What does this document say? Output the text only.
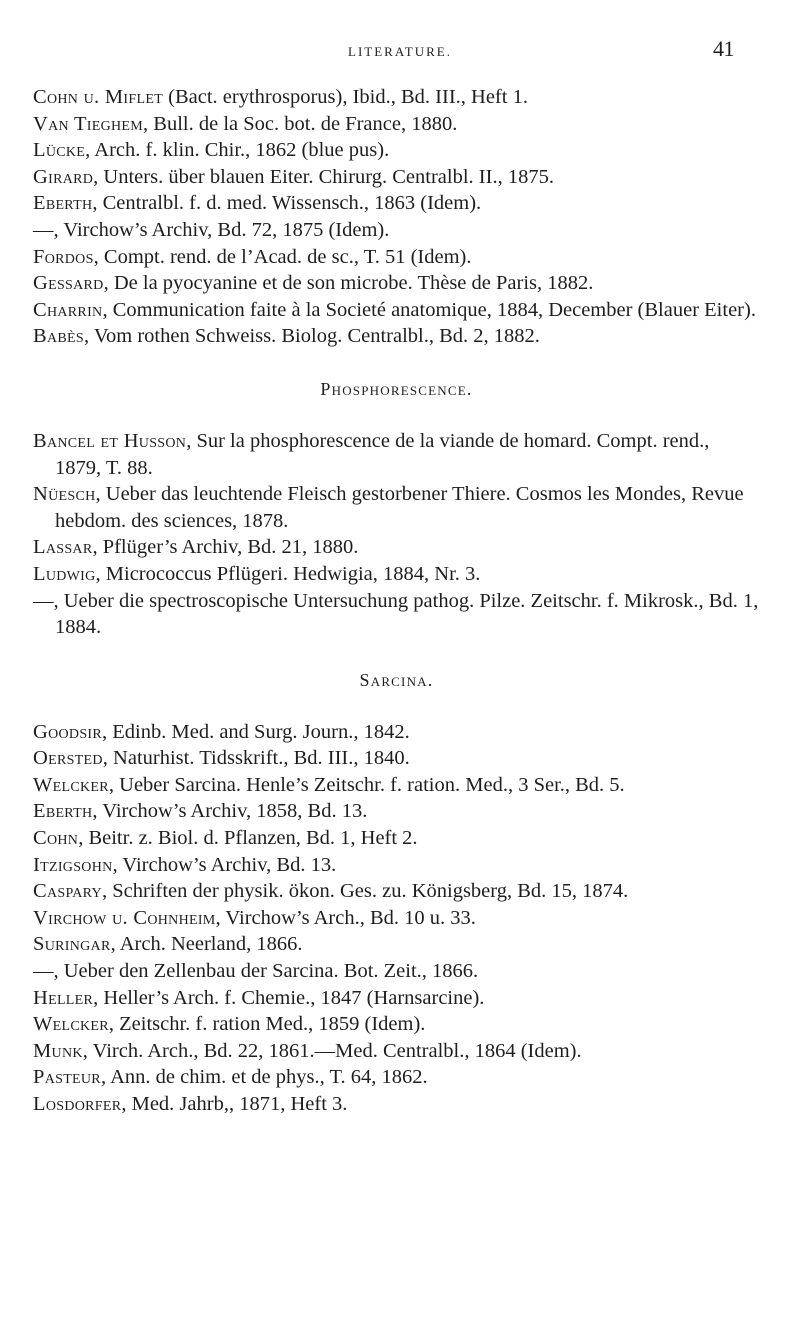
LITERATURE.	41
Cohn u. Miflet (Bact. erythrosporus), Ibid., Bd. III., Heft 1.
Van Tieghem, Bull. de la Soc. bot. de France, 1880.
Lücke, Arch. f. klin. Chir., 1862 (blue pus).
Girard, Unters. über blauen Eiter. Chirurg. Centralbl. II., 1875.
Eberth, Centralbl. f. d. med. Wissensch., 1863 (Idem).
—, Virchow’s Archiv, Bd. 72, 1875 (Idem).
Fordos, Compt. rend. de l’Acad. de sc., T. 51 (Idem).
Gessard, De la pyocyanine et de son microbe. Thèse de Paris, 1882.
Charrin, Communication faite à la Societé anatomique, 1884, December (Blauer Eiter).
Babès, Vom rothen Schweiss. Biolog. Centralbl., Bd. 2, 1882.
Phosphorescence.
Bancel et Husson, Sur la phosphorescence de la viande de homard. Compt. rend., 1879, T. 88.
Nüesch, Ueber das leuchtende Fleisch gestorbener Thiere. Cosmos les Mondes, Revue hebdom. des sciences, 1878.
Lassar, Pflüger’s Archiv, Bd. 21, 1880.
Ludwig, Micrococcus Pflügeri. Hedwigia, 1884, Nr. 3.
—, Ueber die spectroscopische Untersuchung pathog. Pilze. Zeitschr. f. Mikrosk., Bd. 1, 1884.
Sarcina.
Goodsir, Edinb. Med. and Surg. Journ., 1842.
Oersted, Naturhist. Tidsskrift., Bd. III., 1840.
Welcker, Ueber Sarcina. Henle’s Zeitschr. f. ration. Med., 3 Ser., Bd. 5.
Eberth, Virchow’s Archiv, 1858, Bd. 13.
Cohn, Beitr. z. Biol. d. Pflanzen, Bd. 1, Heft 2.
Itzigsohn, Virchow’s Archiv, Bd. 13.
Caspary, Schriften der physik. ökon. Ges. zu. Königsberg, Bd. 15, 1874.
Virchow u. Cohnheim, Virchow’s Arch., Bd. 10 u. 33.
Suringar, Arch. Neerland, 1866.
—, Ueber den Zellenbau der Sarcina. Bot. Zeit., 1866.
Heller, Heller’s Arch. f. Chemie., 1847 (Harnsarcine).
Welcker, Zeitschr. f. ration Med., 1859 (Idem).
Munk, Virch. Arch., Bd. 22, 1861.—Med. Centralbl., 1864 (Idem).
Pasteur, Ann. de chim. et de phys., T. 64, 1862.
Losdorfer, Med. Jahrb,, 1871, Heft 3.
